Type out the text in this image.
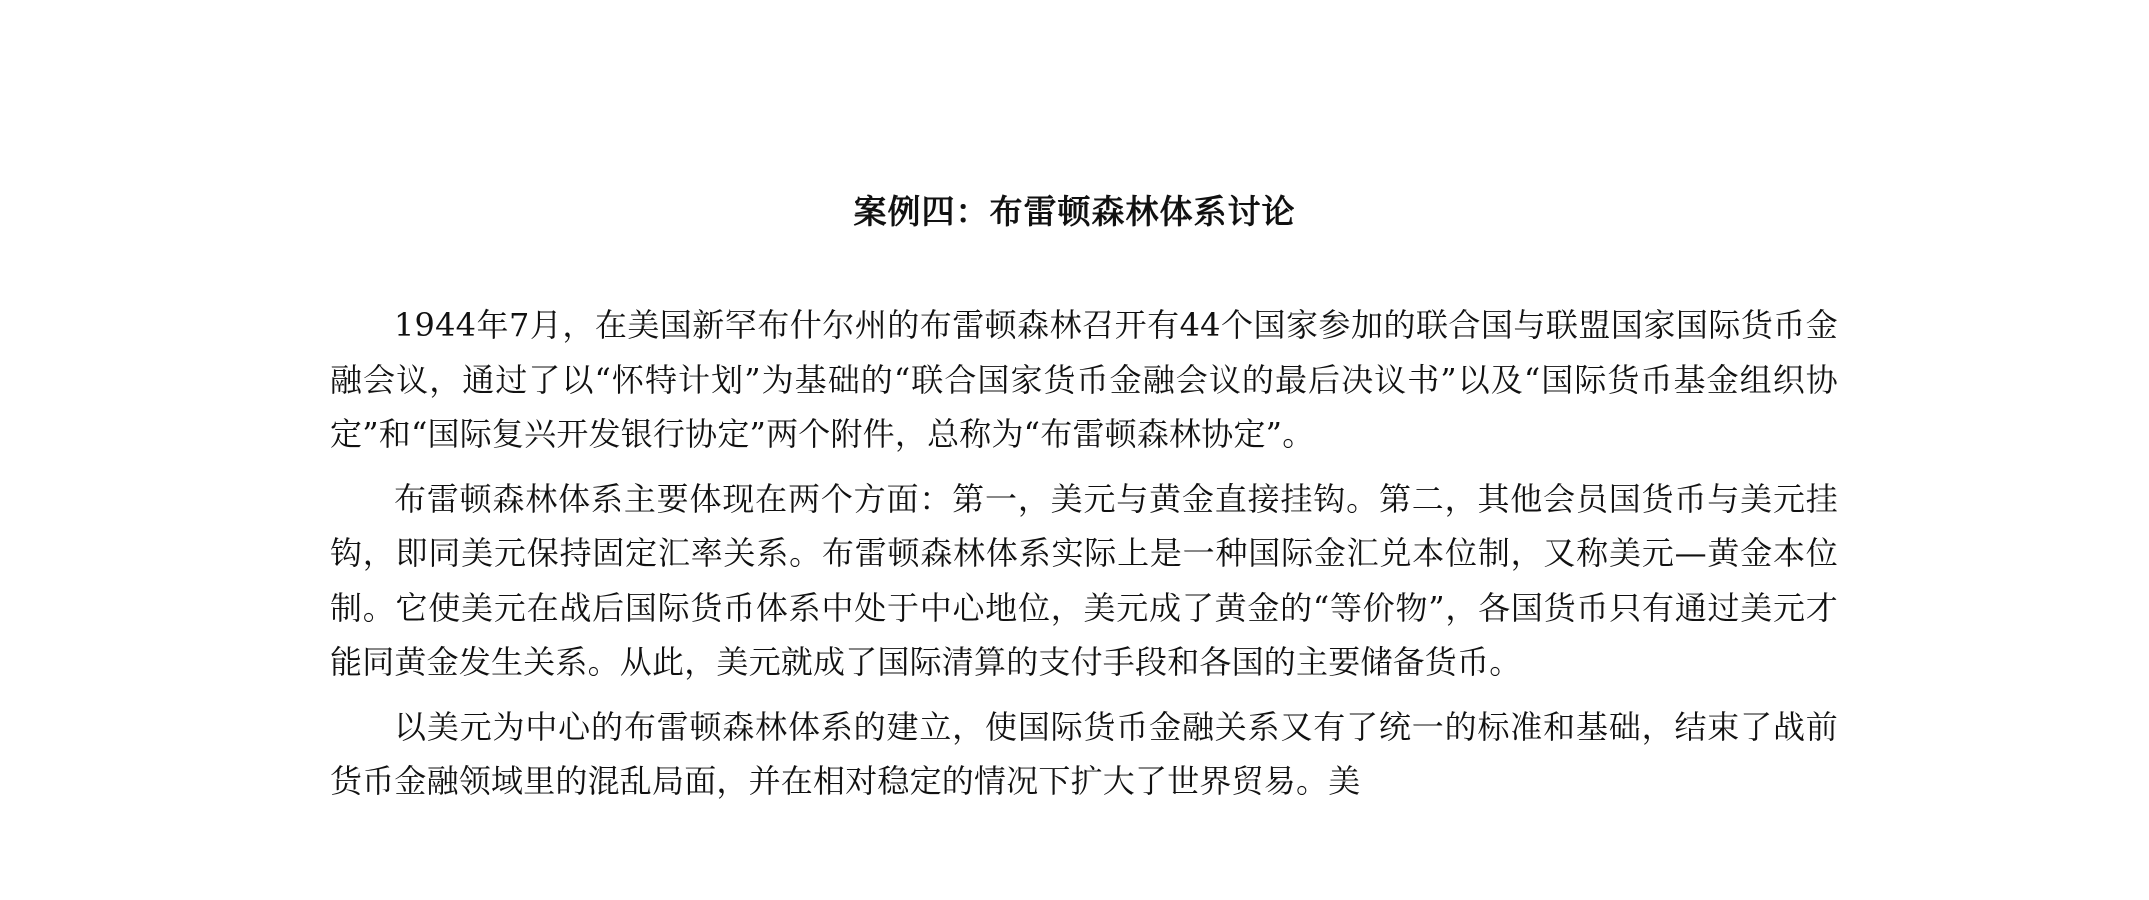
案例四：布雷顿森林体系讨论

1944年7月，在美国新罕布什尔州的布雷顿森林召开有44个国家参加的联合国与联盟国家国际货币金融会议，通过了以“怀特计划”为基础的“联合国家货币金融会议的最后决议书”以及“国际货币基金组织协定”和“国际复兴开发银行协定”两个附件，总称为“布雷顿森林协定”。

布雷顿森林体系主要体现在两个方面：第一，美元与黄金直接挂钩。第二，其他会员国货币与美元挂钩，即同美元保持固定汇率关系。布雷顿森林体系实际上是一种国际金汇兑本位制，又称美元—黄金本位制。它使美元在战后国际货币体系中处于中心地位，美元成了黄金的“等价物”，各国货币只有通过美元才能同黄金发生关系。从此，美元就成了国际清算的支付手段和各国的主要储备货币。

以美元为中心的布雷顿森林体系的建立，使国际货币金融关系又有了统一的标准和基础，结束了战前货币金融领域里的混乱局面，并在相对稳定的情况下扩大了世界贸易。美
